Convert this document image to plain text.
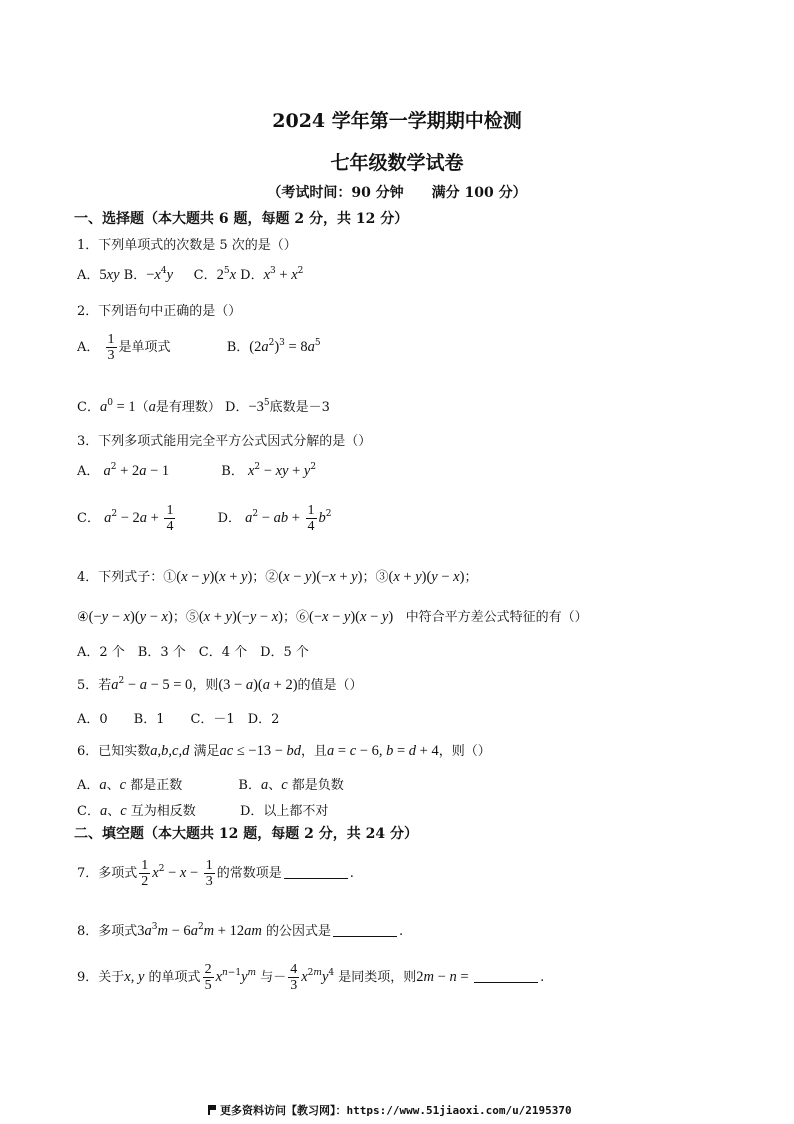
2024 学年第一学期期中检测
七年级数学试卷
（考试时间：90 分钟　　满分 100 分）
一、选择题（本大题共 6 题，每题 2 分，共 12 分）
1．下列单项式的次数是 5 次的是（）
A．5xy B．$-x^4y$     C．$2^5x$ D．$x^3 + x^2$
2．下列语句中正确的是（）
A． $\frac{1}{3}$ 是单项式	B．$(2a^2)^3 = 8a^5$
C．$a^0 = 1(a$是有理数） D．$-3^5$底数是－3
3．下列多项式能用完全平方公式因式分解的是（）
A． $a^2 + 2a - 1$	B． $x^2$ − xy + $y^2$
C． $a^2 - 2a + \frac{1}{4}$	D． $a^2$ − ab + $\frac{1}{4} b^2$
4．下列式子：①(x − y)(x + y)；②(x − y)(−x + y)；③(x + y)(y − x)；
④(−y − x)(y − x)；⑤(x + y)(−y − x)；⑥(−x − y)(x − y) 中符合平方差公式特征的有（）
A．2 个　B．3 个　C．4 个　D．5 个
5．若$a^2 - a - 5 = 0$，则(3 − a)(a + 2)的值是（）
A．0　　B．1　　C．－1　D．2
6．已知实数a,b,c,d 满足ac ≤ −13 − bd，且a = c − 6, b = d + 4，则（）
A．a、c 都是正数	B．a、c 都是负数
C．a、c 互为相反数	D．以上都不对
二、填空题（本大题共 12 题，每题 2 分，共 24 分）
7．多项式 $\frac{1}{2} x^2 - x - \frac{1}{3}$ 的常数项是	.
8．多项式$3a^3m - 6a^2m + 12am$ 的公因式是	.
9．关于x, y 的单项式 $\frac{2}{5} x^{n-1}y^m$ 与－ $\frac{4}{3} x^{2m}y^4$ 是同类项，则2m − n =	.
更多资料访问【教习网】：https://www.51jiaoxi.com/u/2195370
